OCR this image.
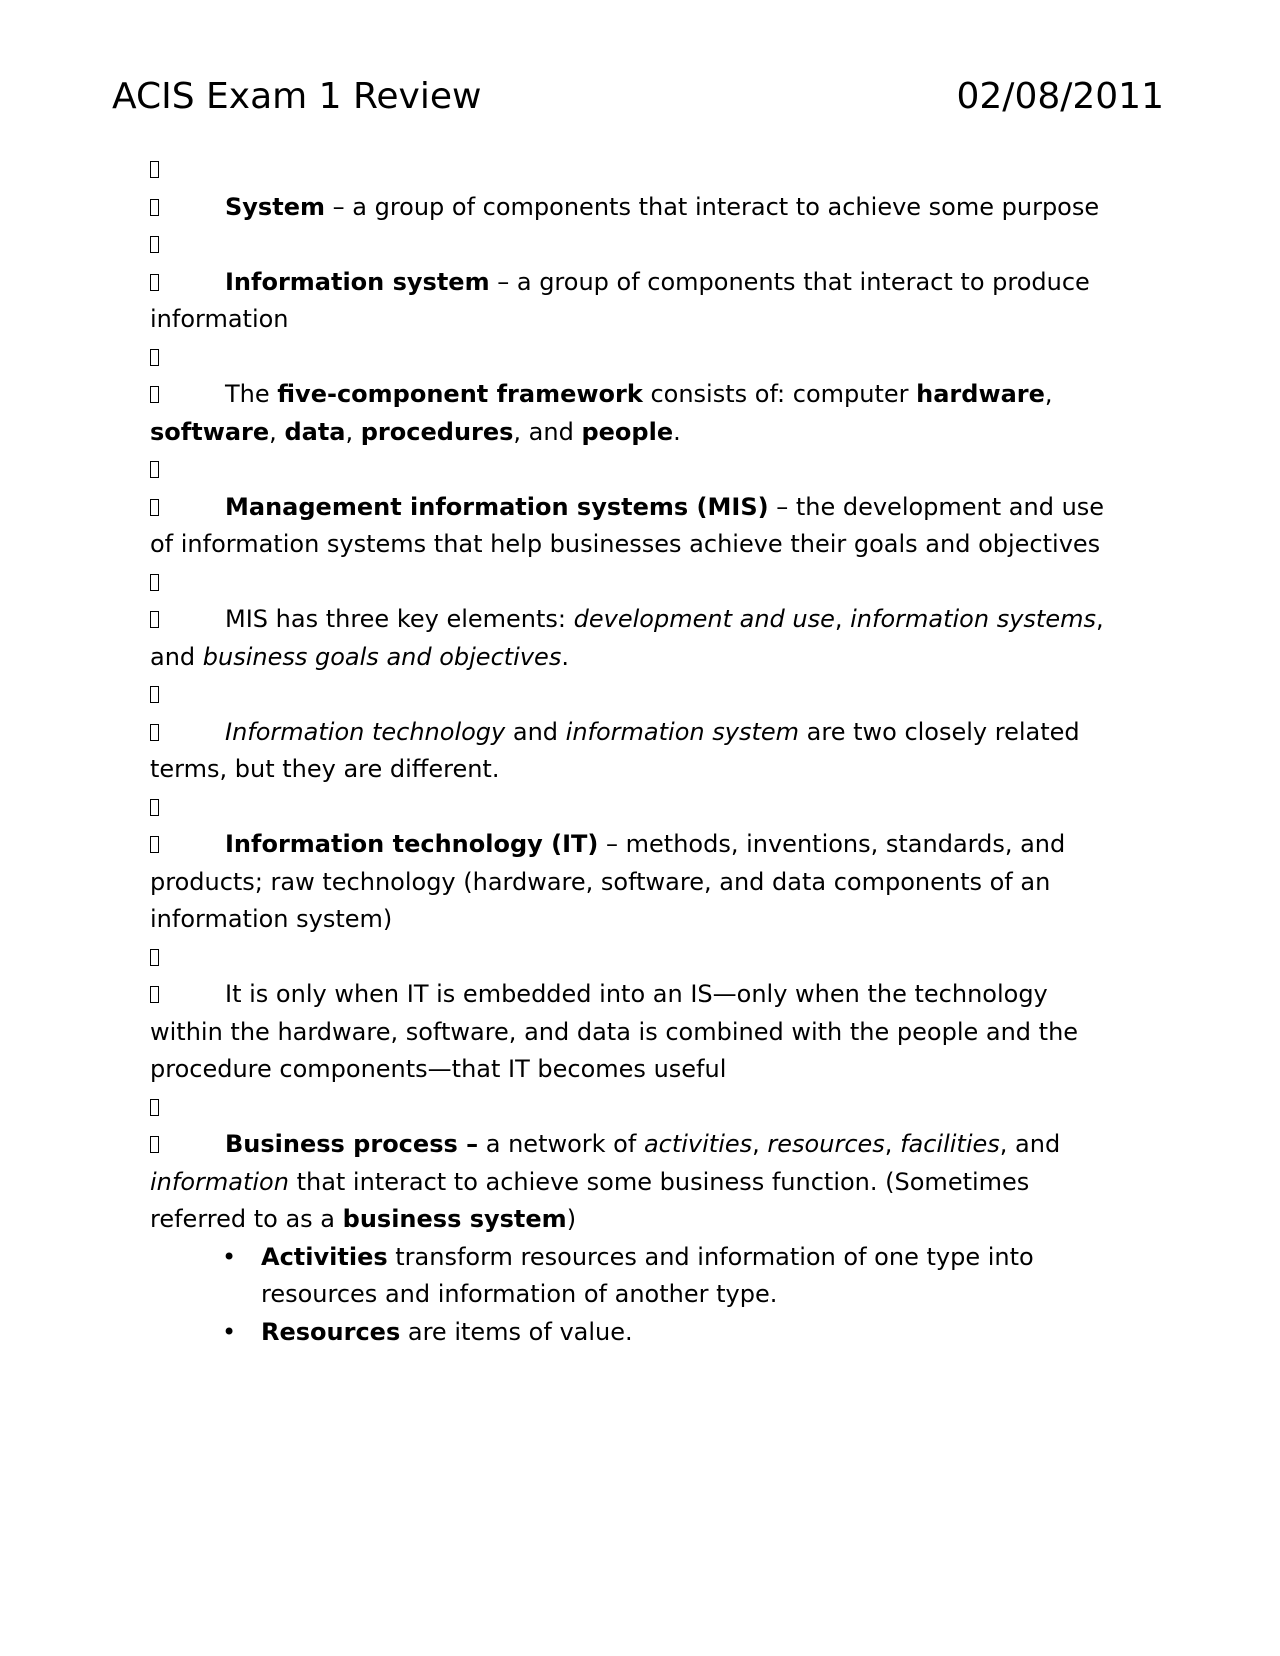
ACIS Exam 1 Review	02/08/2011

System – a group of components that interact to achieve some purpose

Information system – a group of components that interact to produce information

The five-component framework consists of: computer hardware, software, data, procedures, and people.

Management information systems (MIS) – the development and use of information systems that help businesses achieve their goals and objectives

MIS has three key elements: development and use, information systems, and business goals and objectives.

Information technology and information system are two closely related terms, but they are different.

Information technology (IT) – methods, inventions, standards, and products; raw technology (hardware, software, and data components of an information system)

It is only when IT is embedded into an IS—only when the technology within the hardware, software, and data is combined with the people and the procedure components—that IT becomes useful

Business process – a network of activities, resources, facilities, and information that interact to achieve some business function. (Sometimes referred to as a business system)

• Activities transform resources and information of one type into resources and information of another type.
• Resources are items of value.
